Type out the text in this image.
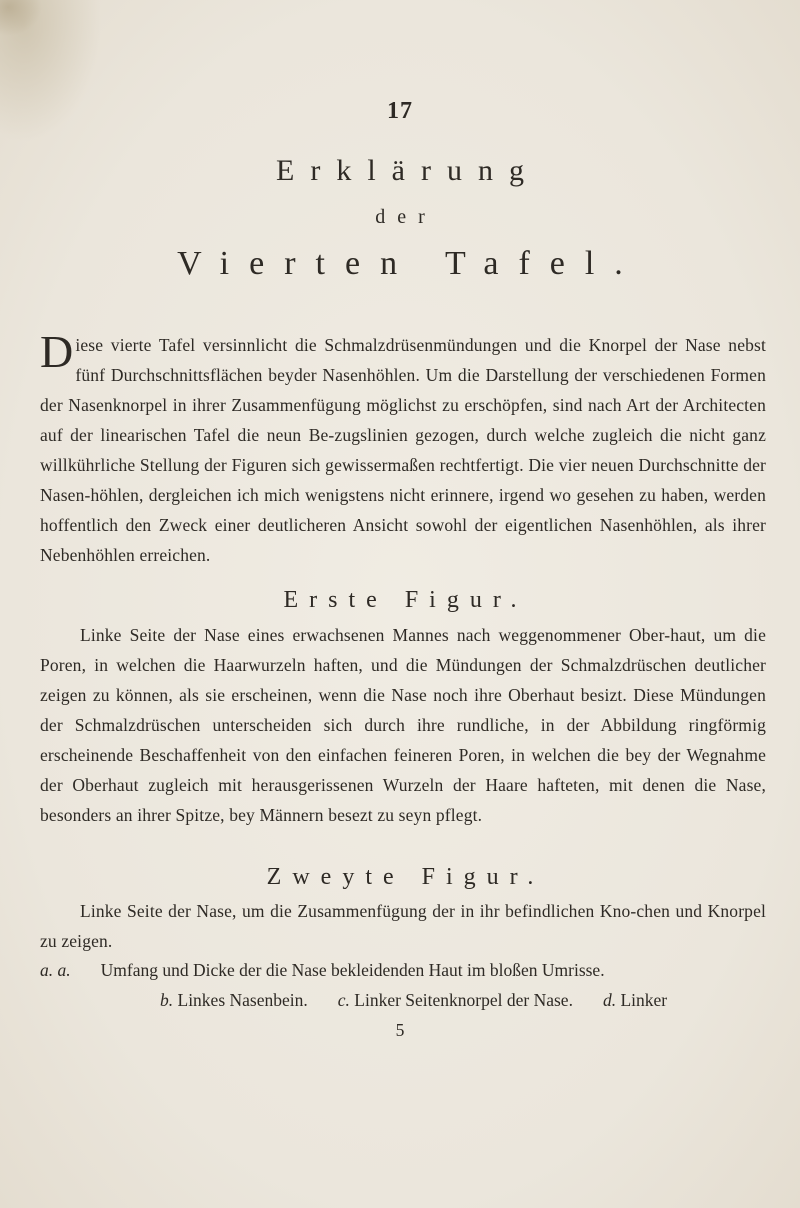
17
Erklärung
der
Vierten Tafel.
Diese vierte Tafel versinnlicht die Schmalzdrüsenmündungen und die Knorpel der Nase nebst fünf Durchschnittsflächen beyder Nasenhöhlen. Um die Darstellung der verschiedenen Formen der Nasenknorpel in ihrer Zusammenfügung möglichst zu erschöpfen, sind nach Art der Architecten auf der linearischen Tafel die neun Be-zugslinien gezogen, durch welche zugleich die nicht ganz willkührliche Stellung der Figuren sich gewissermaßen rechtfertigt. Die vier neuen Durchschnitte der Nasen-höhlen, dergleichen ich mich wenigstens nicht erinnere, irgend wo gesehen zu haben, werden hoffentlich den Zweck einer deutlicheren Ansicht sowohl der eigentlichen Nasenhöhlen, als ihrer Nebenhöhlen erreichen.
Erste Figur.
Linke Seite der Nase eines erwachsenen Mannes nach weggenommener Ober-haut, um die Poren, in welchen die Haarwurzeln haften, und die Mündungen der Schmalzdrüschen deutlicher zeigen zu können, als sie erscheinen, wenn die Nase noch ihre Oberhaut besizt. Diese Mündungen der Schmalzdrüschen unterscheiden sich durch ihre rundliche, in der Abbildung ringförmig erscheinende Beschaffenheit von den einfachen feineren Poren, in welchen die bey der Wegnahme der Oberhaut zugleich mit herausgerissenen Wurzeln der Haare hafteten, mit denen die Nase, besonders an ihrer Spitze, bey Männern besezt zu seyn pflegt.
Zweyte Figur.
Linke Seite der Nase, um die Zusammenfügung der in ihr befindlichen Kno-chen und Knorpel zu zeigen.
a. a. Umfang und Dicke der die Nase bekleidenden Haut im bloßen Umrisse.
b. Linkes Nasenbein. c. Linker Seitenknorpel der Nase. d. Linker
5
